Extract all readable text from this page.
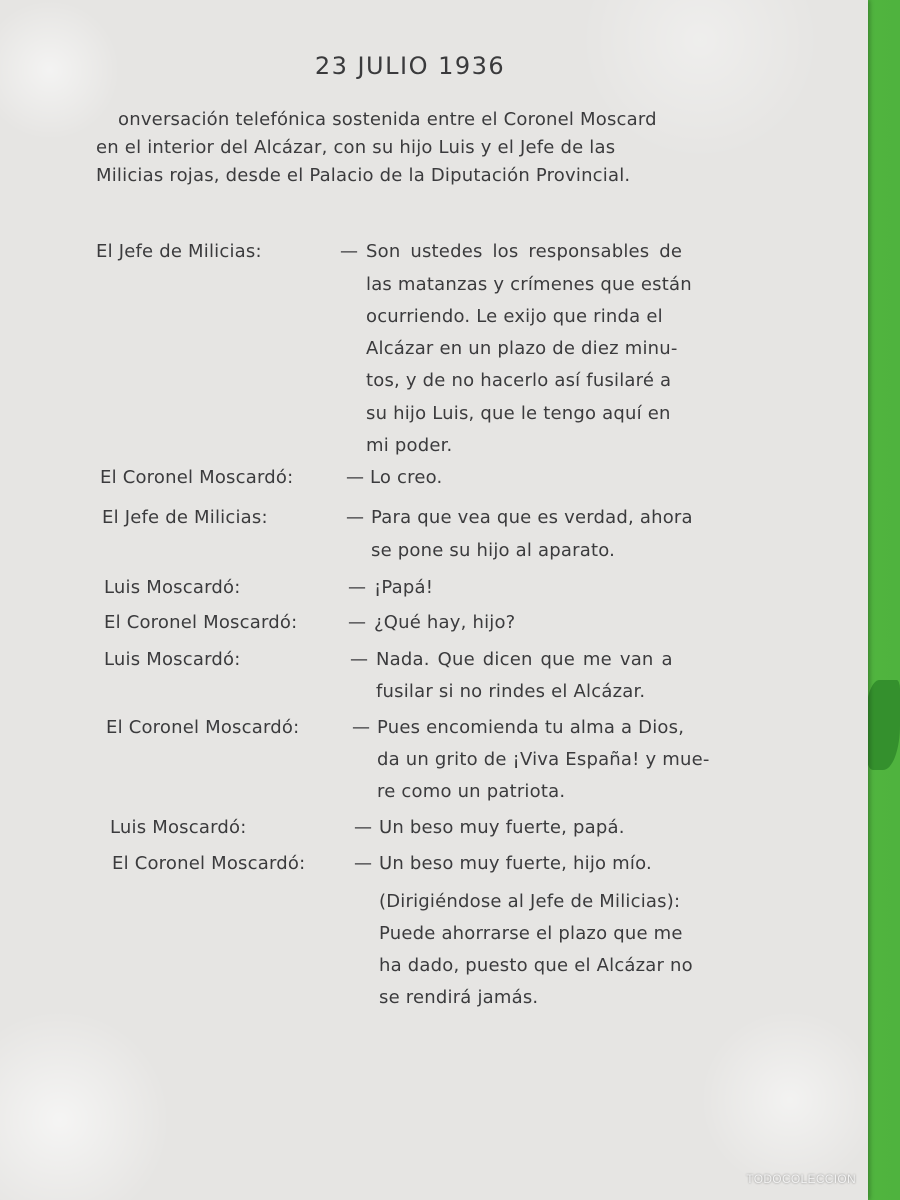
23 JULIO 1936
onversación telefónica sostenida entre el Coronel Moscard
en el interior del Alcázar, con su hijo Luis y el Jefe de las
Milicias rojas, desde el Palacio de la Diputación Provincial.
El Jefe de Milicias:	— Son ustedes los responsables de
las matanzas y crímenes que están
ocurriendo. Le exijo que rinda el
Alcázar en un plazo de diez minu-
tos, y de no hacerlo así fusilaré a
su hijo Luis, que le tengo aquí en
mi poder.
El Coronel Moscardó:	— Lo creo.
El Jefe de Milicias:	— Para que vea que es verdad, ahora
se pone su hijo al aparato.
Luis Moscardó:	— ¡Papá!
El Coronel Moscardó:	— ¿Qué hay, hijo?
Luis Moscardó:	— Nada. Que dicen que me van a
fusilar si no rindes el Alcázar.
El Coronel Moscardó:	— Pues encomienda tu alma a Dios,
da un grito de ¡Viva España! y mue-
re como un patriota.
Luis Moscardó:	— Un beso muy fuerte, papá.
El Coronel Moscardó:	— Un beso muy fuerte, hijo mío.
(Dirigiéndose al Jefe de Milicias):
Puede ahorrarse el plazo que me
ha dado, puesto que el Alcázar no
se rendirá jamás.
TODOCOLECCION
